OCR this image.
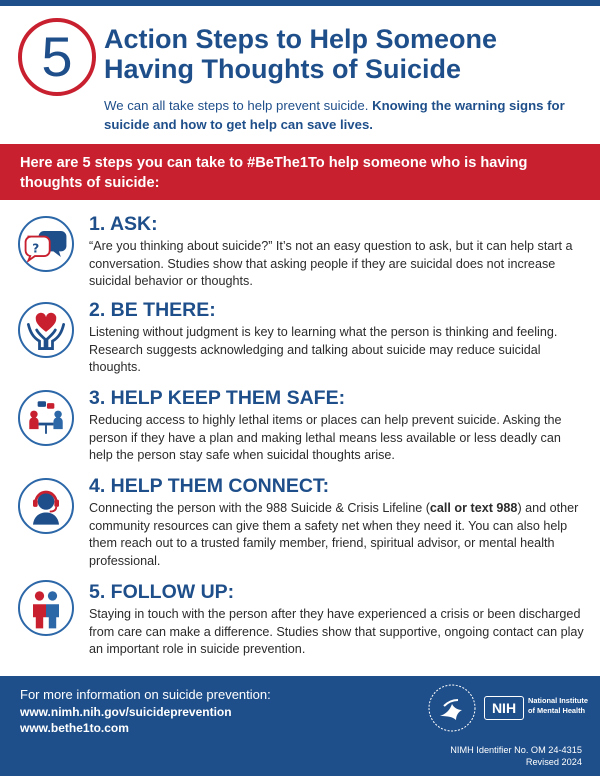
5 Action Steps to Help Someone
Having Thoughts of Suicide

We can all take steps to help prevent suicide. Knowing the warning signs for suicide and how to get help can save lives.

Here are 5 steps you can take to #BeThe1To help someone who is having thoughts of suicide:
?
1. ASK:

“Are you thinking about suicide?” It’s not an easy question to ask, but it can help start a conversation. Studies show that asking people if they are suicidal does not increase suicidal behavior or thoughts.

2. BE THERE:

Listening without judgment is key to learning what the person is thinking and feeling. Research suggests acknowledging and talking about suicide may reduce suicidal thoughts.

3. HELP KEEP THEM SAFE:

Reducing access to highly lethal items or places can help prevent suicide. Asking the person if they have a plan and making lethal means less available or less deadly can help the person stay safe when suicidal thoughts arise.

4. HELP THEM CONNECT:

Connecting the person with the 988 Suicide & Crisis Lifeline (call or text 988) and other community resources can give them a safety net when they need it. You can also help them reach out to a trusted family member, friend, spiritual advisor, or mental health professional.

5. FOLLOW UP:

Staying in touch with the person after they have experienced a crisis or been discharged from care can make a difference. Studies show that supportive, ongoing contact can play an important role in suicide prevention.

For more information on suicide prevention:
www.nimh.nih.gov/suicideprevention
www.bethe1to.com
NIH	National Institute
of Mental Health
NIMH Identifier No. OM 24-4315
Revised 2024
